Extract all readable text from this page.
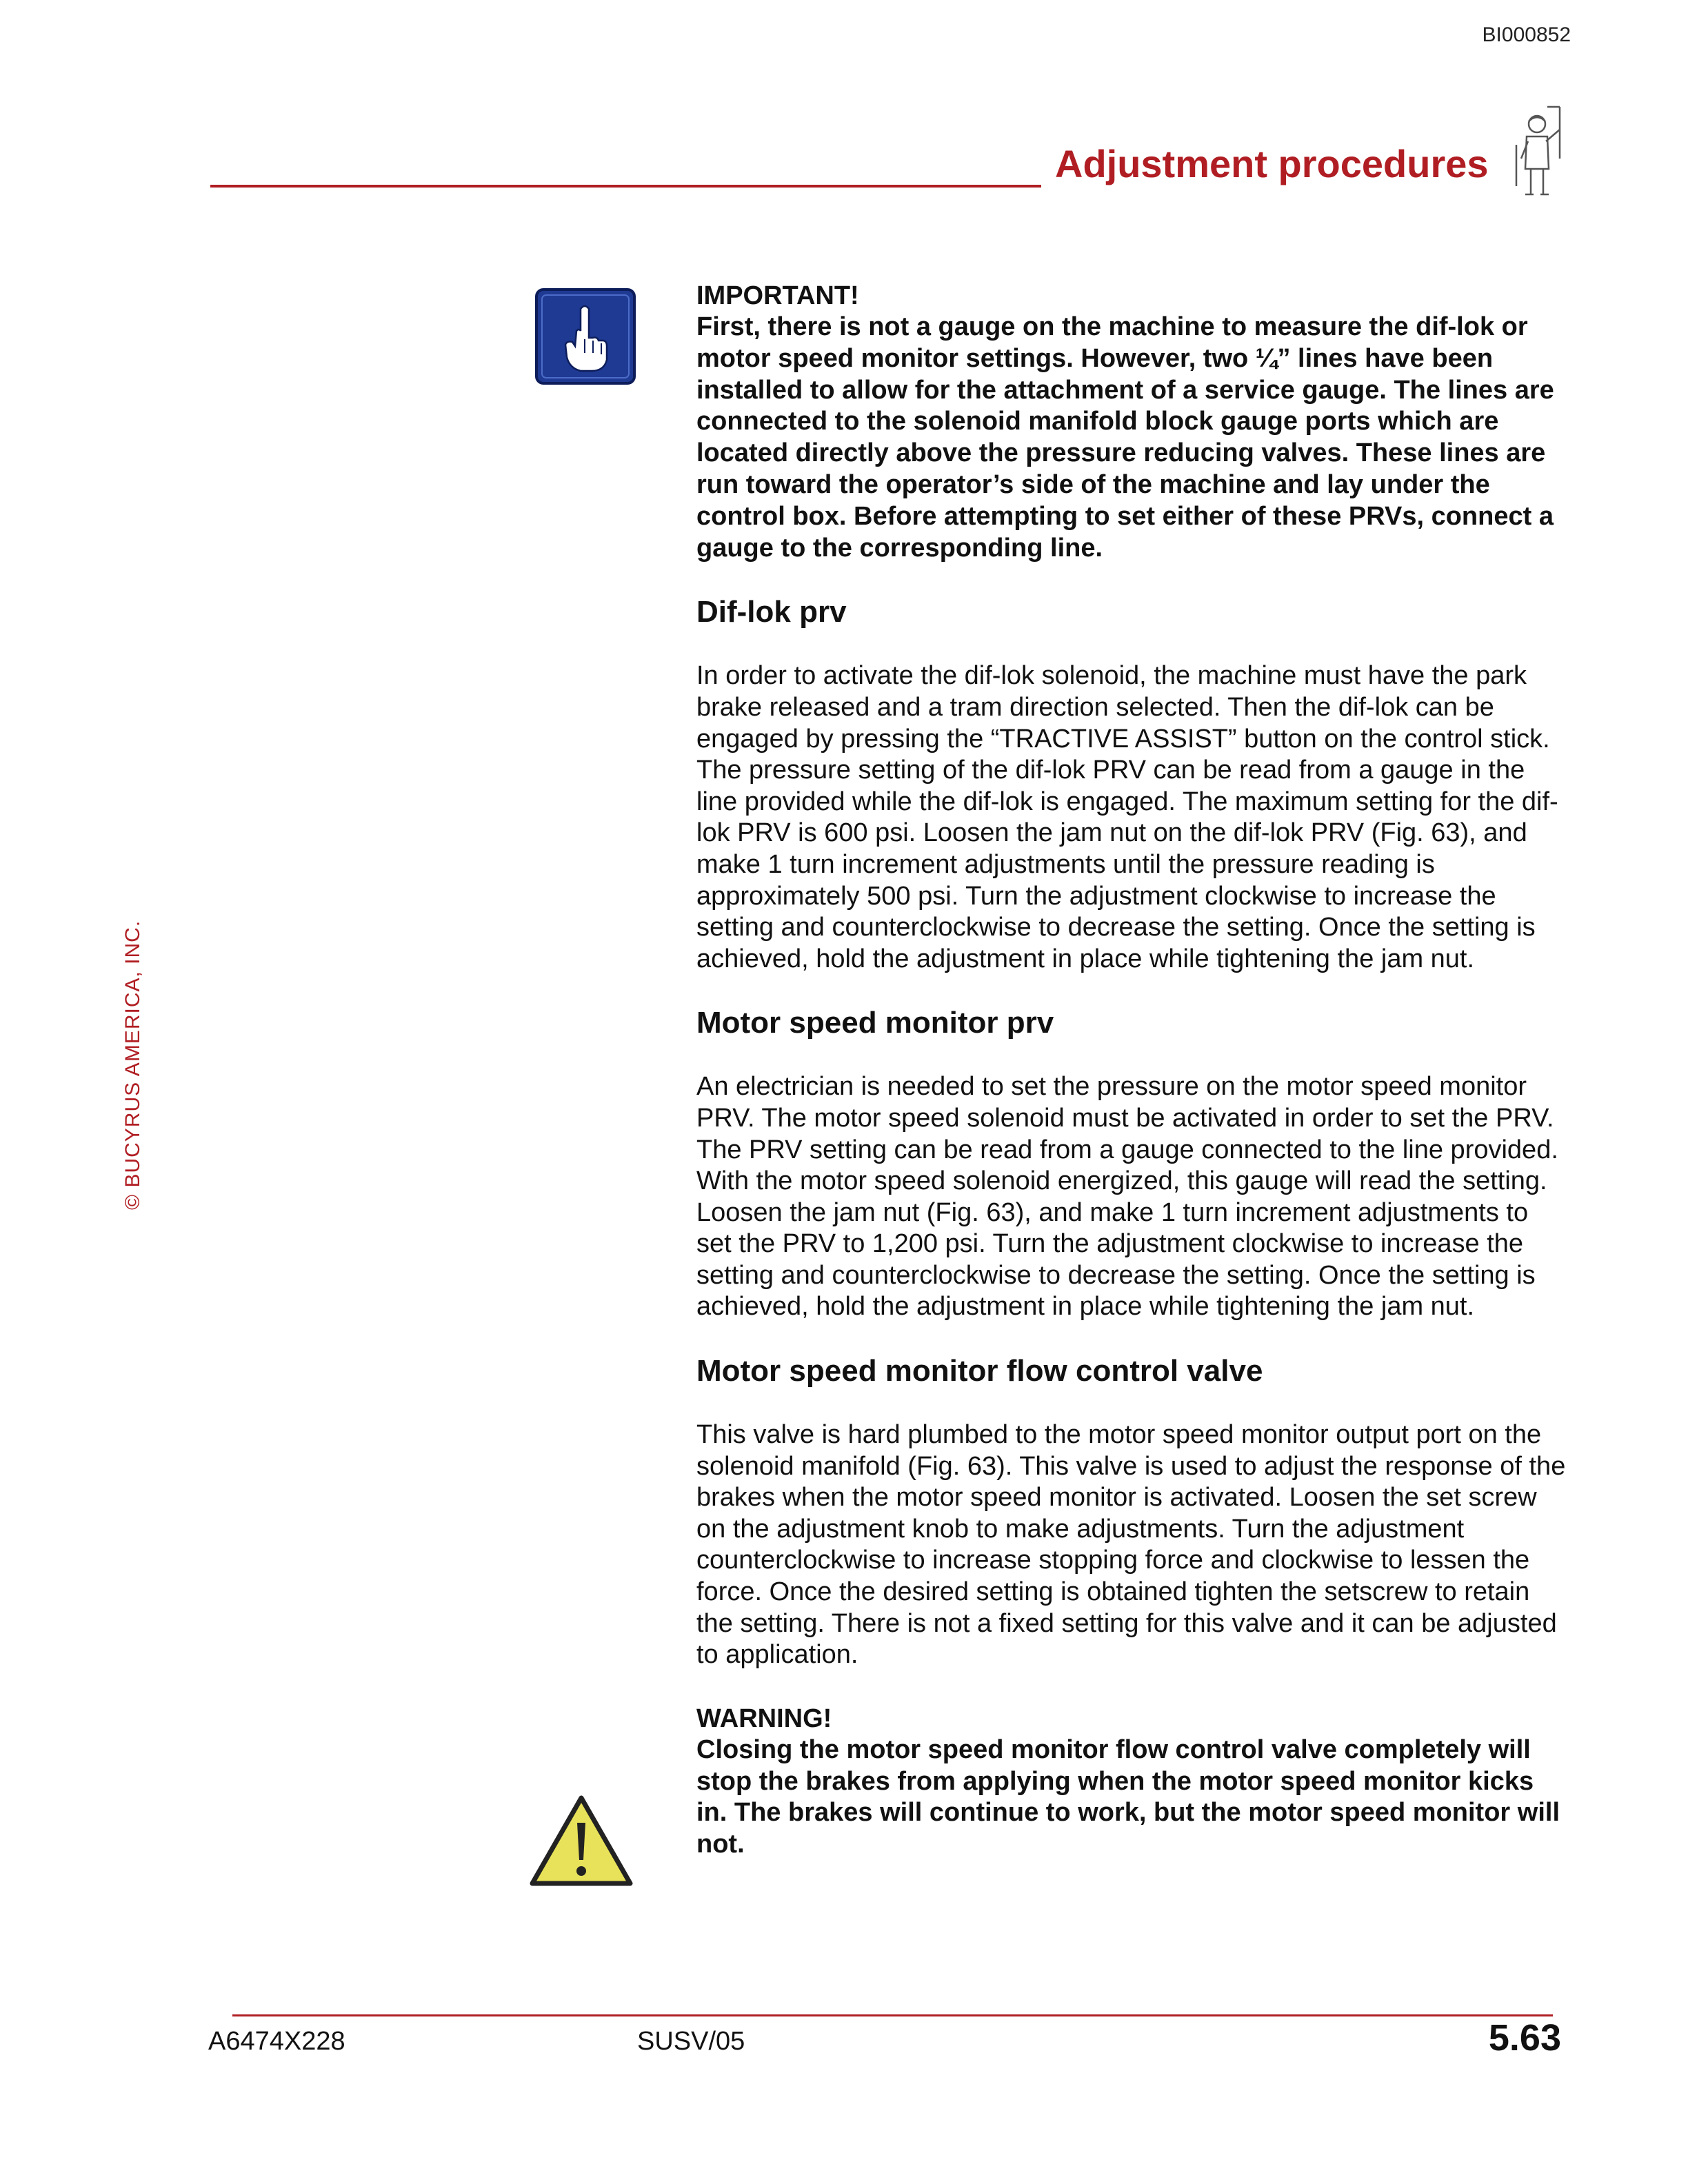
BI000852
Adjustment procedures
© BUCYRUS AMERICA, INC.

IMPORTANT!

First, there is not a gauge on the machine to measure the dif-lok or motor speed monitor settings. However, two ¼” lines have been installed to allow for the attachment of a service gauge. The lines are connected to the solenoid manifold block gauge ports which are located directly above the pressure reducing valves. These lines are run toward the operator’s side of the machine and lay under the control box. Before attempting to set either of these PRVs, connect a gauge to the corresponding line.

Dif-lok prv

In order to activate the dif-lok solenoid, the machine must have the park brake released and a tram direction selected. Then the dif-lok can be engaged by pressing the “TRACTIVE ASSIST” button on the control stick. The pressure setting of the dif-lok PRV can be read from a gauge in the line provided while the dif-lok is engaged. The maximum setting for the dif-lok PRV is 600 psi. Loosen the jam nut on the dif-lok PRV (Fig. 63), and make 1 turn increment adjustments until the pressure reading is approximately 500 psi. Turn the adjustment clockwise to increase the setting and counterclockwise to decrease the setting. Once the setting is achieved, hold the adjustment in place while tightening the jam nut.

Motor speed monitor prv

An electrician is needed to set the pressure on the motor speed monitor PRV. The motor speed solenoid must be activated in order to set the PRV. The PRV setting can be read from a gauge connected to the line provided. With the motor speed solenoid energized, this gauge will read the setting. Loosen the jam nut (Fig. 63), and make 1 turn increment adjustments to set the PRV to 1,200 psi. Turn the adjustment clockwise to increase the setting and counterclockwise to decrease the setting. Once the setting is achieved, hold the adjustment in place while tightening the jam nut.

Motor speed monitor flow control valve

This valve is hard plumbed to the motor speed monitor output port on the solenoid manifold (Fig. 63). This valve is used to adjust the response of the brakes when the motor speed monitor is activated. Loosen the set screw on the adjustment knob to make adjustments. Turn the adjustment counterclockwise to increase stopping force and clockwise to lessen the force. Once the desired setting is obtained tighten the setscrew to retain the setting. There is not a fixed setting for this valve and it can be adjusted to application.

WARNING!

Closing the motor speed monitor flow control valve completely will stop the brakes from applying when the motor speed monitor kicks in. The brakes will continue to work, but the motor speed monitor will not.

A6474X228	SUSV/05	5.63
